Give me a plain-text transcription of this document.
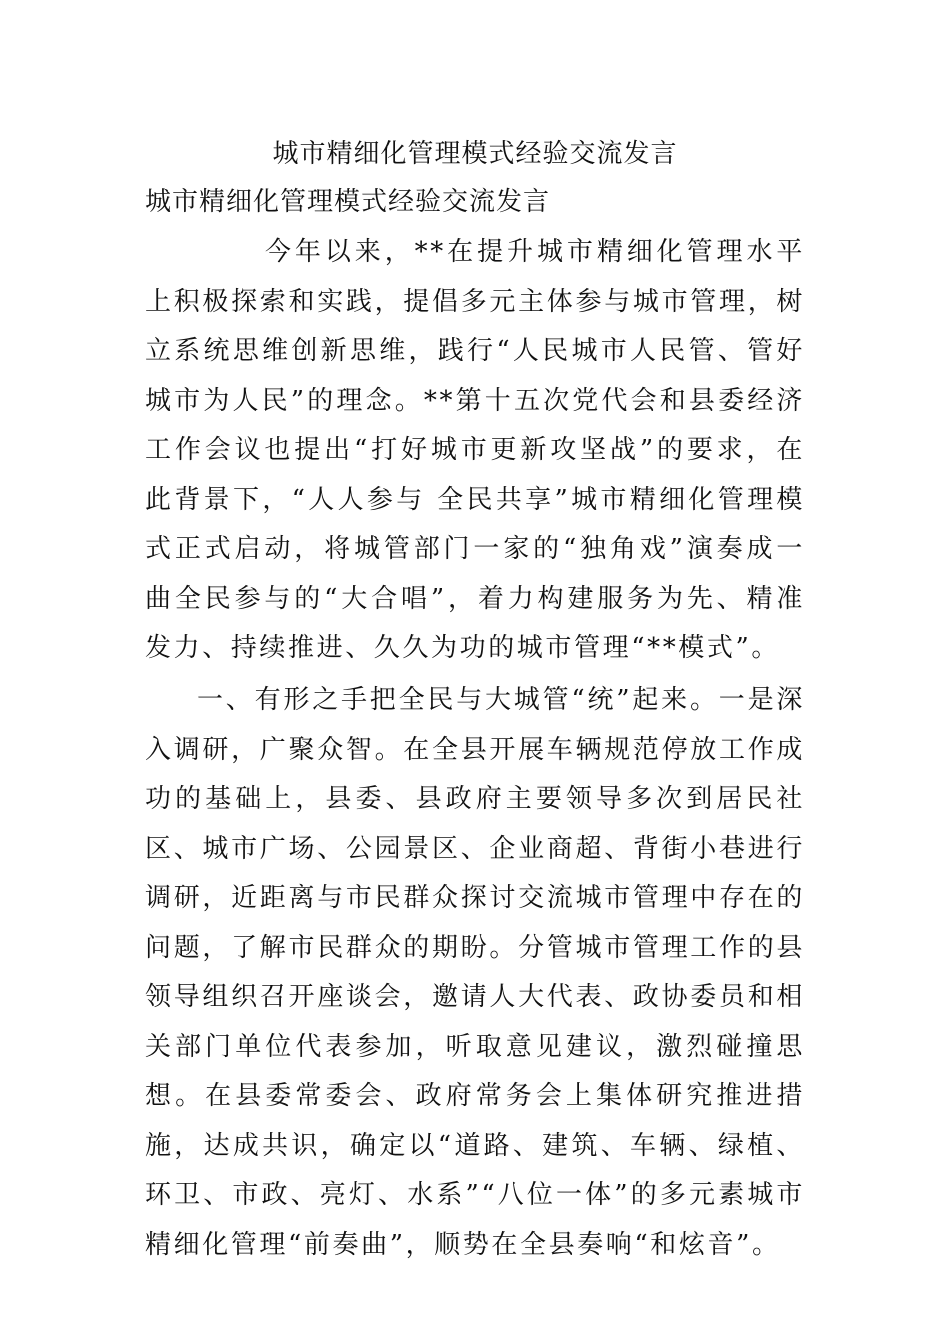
城市精细化管理模式经验交流发言
城市精细化管理模式经验交流发言

今年以来，**在提升城市精细化管理水平上积极探索和实践，提倡多元主体参与城市管理，树立系统思维创新思维，践行“人民城市人民管、管好城市为人民”的理念。**第十五次党代会和县委经济工作会议也提出“打好城市更新攻坚战”的要求，在此背景下，“人人参与 全民共享”城市精细化管理模式正式启动，将城管部门一家的“独角戏”演奏成一曲全民参与的“大合唱”，着力构建服务为先、精准发力、持续推进、久久为功的城市管理“**模式”。

一、有形之手把全民与大城管“统”起来。一是深入调研，广聚众智。在全县开展车辆规范停放工作成功的基础上，县委、县政府主要领导多次到居民社区、城市广场、公园景区、企业商超、背街小巷进行调研，近距离与市民群众探讨交流城市管理中存在的问题，了解市民群众的期盼。分管城市管理工作的县领导组织召开座谈会，邀请人大代表、政协委员和相关部门单位代表参加，听取意见建议，激烈碰撞思想。在县委常委会、政府常务会上集体研究推进措施，达成共识，确定以“道路、建筑、车辆、绿植、环卫、市政、亮灯、水系”“八位一体”的多元素城市精细化管理“前奏曲”，顺势在全县奏响“和炫音”。
